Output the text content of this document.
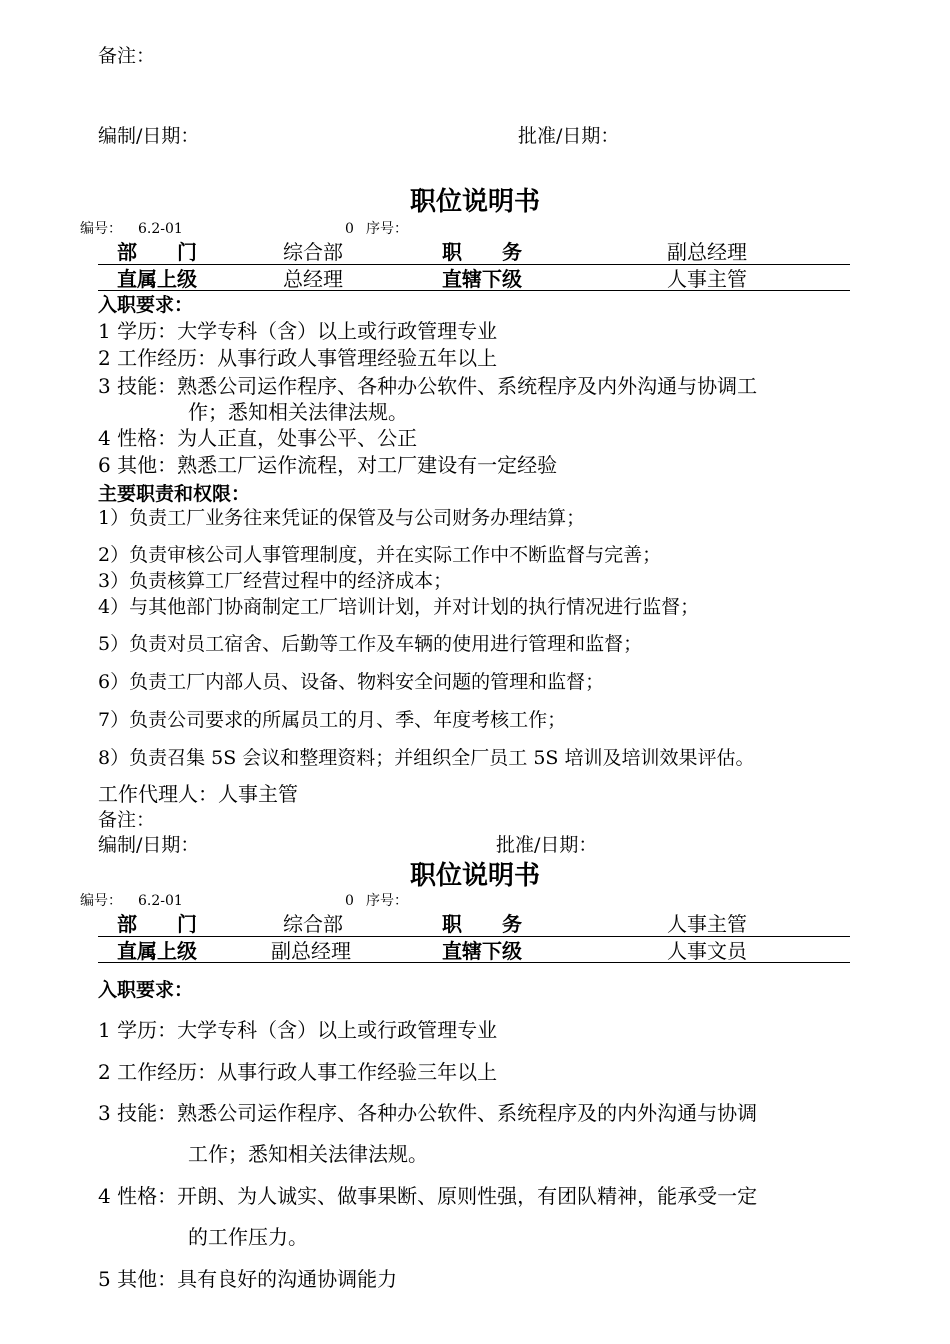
备注：
编制/日期：	批准/日期：
职位说明书
编号： 6.2-01	0 序号：
部　　门	综合部	职　　务	副总经理
直属上级	总经理	直辖下级	人事主管
入职要求：
1 学历：大学专科（含）以上或行政管理专业
2 工作经历：从事行政人事管理经验五年以上
3 技能：熟悉公司运作程序、各种办公软件、系统程序及内外沟通与协调工
作；悉知相关法律法规。
4 性格：为人正直，处事公平、公正
6 其他：熟悉工厂运作流程，对工厂建设有一定经验
主要职责和权限：
1）负责工厂业务往来凭证的保管及与公司财务办理结算；
2）负责审核公司人事管理制度，并在实际工作中不断监督与完善；
3）负责核算工厂经营过程中的经济成本；
4）与其他部门协商制定工厂培训计划，并对计划的执行情况进行监督；
5）负责对员工宿舍、后勤等工作及车辆的使用进行管理和监督；
6）负责工厂内部人员、设备、物料安全问题的管理和监督；
7）负责公司要求的所属员工的月、季、年度考核工作；
8）负责召集 5S 会议和整理资料；并组织全厂员工 5S 培训及培训效果评估。
工作代理人：人事主管
备注：
编制/日期：	批准/日期：
职位说明书
编号： 6.2-01	0 序号：
部　　门	综合部	职　　务	人事主管
直属上级	副总经理	直辖下级	人事文员
入职要求：
1 学历：大学专科（含）以上或行政管理专业
2 工作经历：从事行政人事工作经验三年以上
3 技能：熟悉公司运作程序、各种办公软件、系统程序及的内外沟通与协调
工作；悉知相关法律法规。
4 性格：开朗、为人诚实、做事果断、原则性强，有团队精神，能承受一定
的工作压力。
5 其他：具有良好的沟通协调能力
